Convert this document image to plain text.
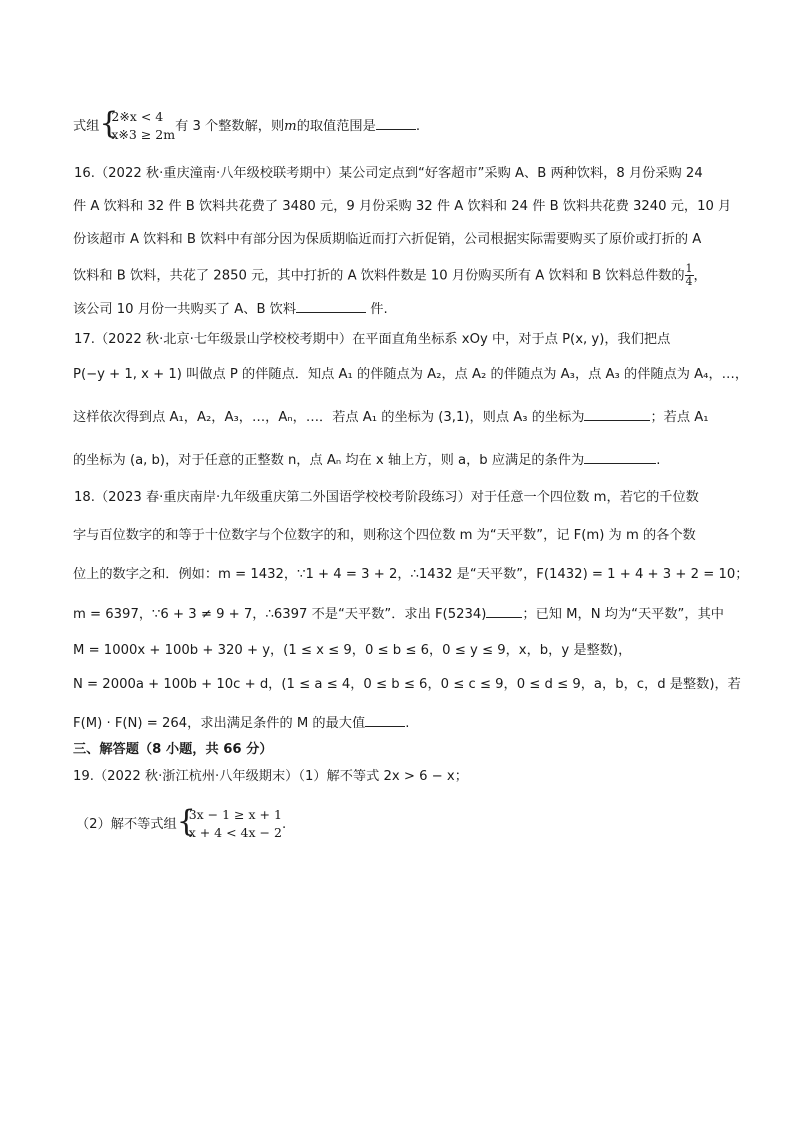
式组 {
2※x < 4
x※3 ≥ 2m
有 3 个整数解，则m的取值范围是	.
16.（2022 秋·重庆潼南·八年级校联考期中）某公司定点到“好客超市”采购 A、B 两种饮料，8 月份采购 24
件 A 饮料和 32 件 B 饮料共花费了 3480 元，9 月份采购 32 件 A 饮料和 24 件 B 饮料共花费 3240 元，10 月
份该超市 A 饮料和 B 饮料中有部分因为保质期临近而打六折促销，公司根据实际需要购买了原价或打折的 A
饮料和 B 饮料，共花了 2850 元，其中打折的 A 饮料件数是 10 月份购买所有 A 饮料和 B 饮料总件数的 $\frac{1}{4}$ ，
该公司 10 月份一共购买了 A、B 饮料	件.
17.（2022 秋·北京·七年级景山学校校考期中）在平面直角坐标系 xOy 中，对于点 P(x, y)，我们把点
P(−y + 1, x + 1) 叫做点 P 的伴随点．知点 A₁ 的伴随点为 A₂，点 A₂ 的伴随点为 A₃，点 A₃ 的伴随点为 A₄，…，
这样依次得到点 A₁，A₂，A₃，…，Aₙ，…．若点 A₁ 的坐标为 (3,1)，则点 A₃ 的坐标为	；若点 A₁
的坐标为 (a, b)，对于任意的正整数 n，点 Aₙ 均在 x 轴上方，则 a，b 应满足的条件为	.
18.（2023 春·重庆南岸·九年级重庆第二外国语学校校考阶段练习）对于任意一个四位数 m，若它的千位数
字与百位数字的和等于十位数字与个位数字的和，则称这个四位数 m 为“天平数”，记 F(m) 为 m 的各个数
位上的数字之和．例如：m = 1432，∵1 + 4 = 3 + 2，∴1432 是“天平数”，F(1432) = 1 + 4 + 3 + 2 = 10；
m = 6397，∵6 + 3 ≠ 9 + 7，∴6397 不是“天平数”．求出 F(5234)	；已知 M，N 均为“天平数”，其中
M = 1000x + 100b + 320 + y，(1 ≤ x ≤ 9，0 ≤ b ≤ 6，0 ≤ y ≤ 9，x，b，y 是整数)，
N = 2000a + 100b + 10c + d，(1 ≤ a ≤ 4，0 ≤ b ≤ 6，0 ≤ c ≤ 9，0 ≤ d ≤ 9，a，b，c，d 是整数)，若
F(M) · F(N) = 264，求出满足条件的 M 的最大值	.
三、解答题（8 小题，共 66 分）
19.（2022 秋·浙江杭州·八年级期末）（1）解不等式 2x > 6 − x；
（2）解不等式组 {
3x − 1 ≥ x + 1
x + 4 < 4x − 2
.
